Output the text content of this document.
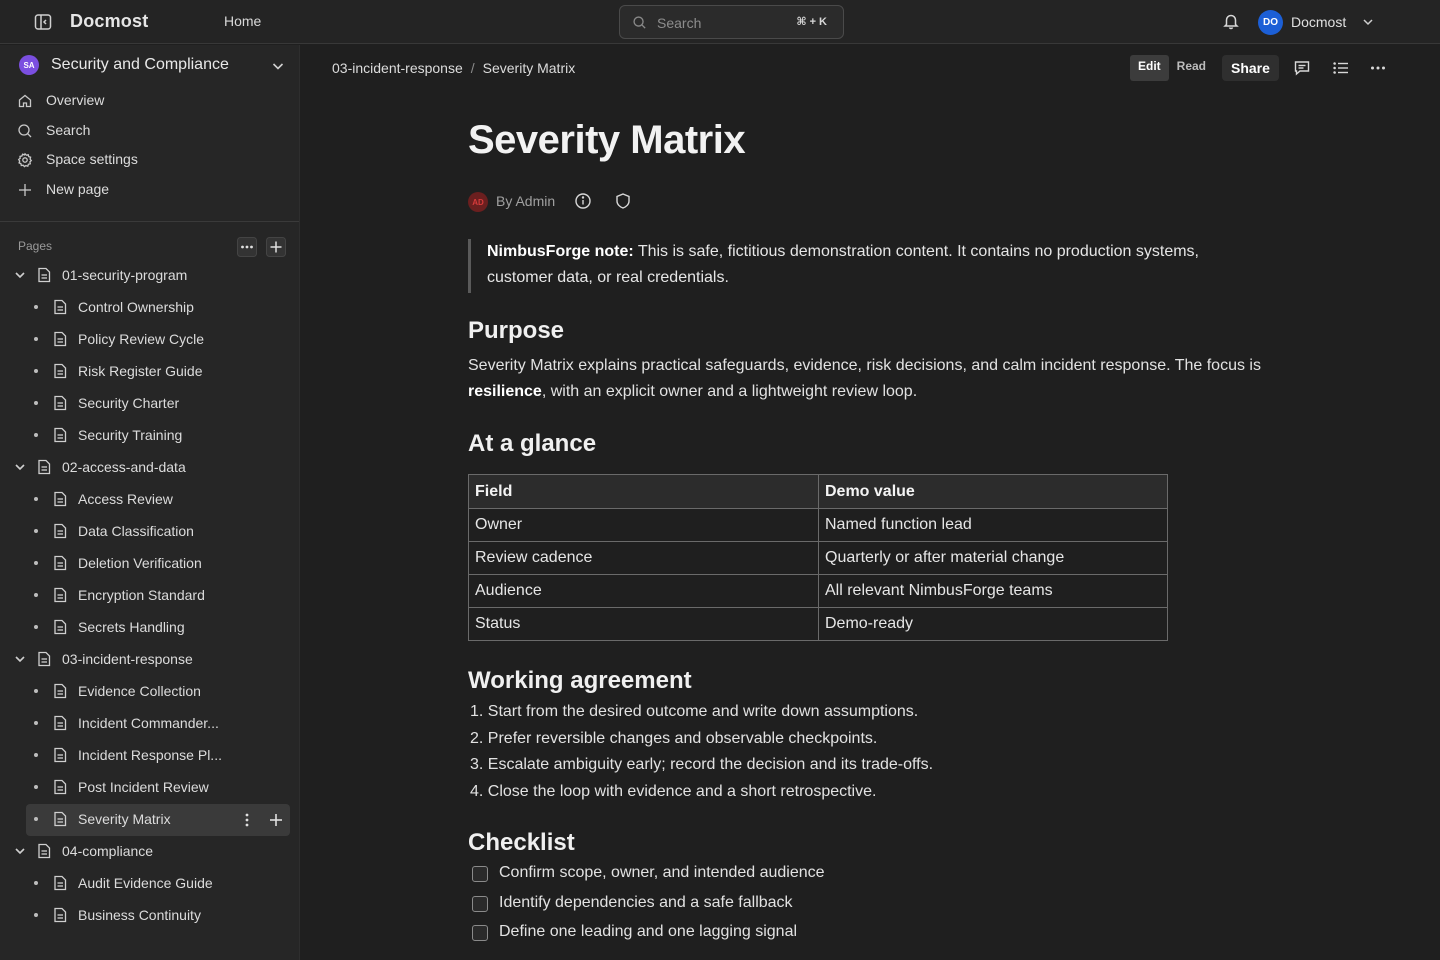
Docmost	Home	Search	⌘ + K	DO Docmost
SA Security and Compliance
Overview
Search
Space settings
New page
Pages
01-security-program
Control Ownership
Policy Review Cycle
Risk Register Guide
Security Charter
Security Training
02-access-and-data
Access Review
Data Classification
Deletion Verification
Encryption Standard
Secrets Handling
03-incident-response
Evidence Collection
Incident Commander...
Incident Response Pl...
Post Incident Review
Severity Matrix
04-compliance
Audit Evidence Guide
Business Continuity
03-incident-response / Severity Matrix	Edit	Read	Share
Severity Matrix
AD By Admin
NimbusForge note: This is safe, fictitious demonstration content. It contains no production systems, customer data, or real credentials.
Purpose

Severity Matrix explains practical safeguards, evidence, risk decisions, and calm incident response. The focus is resilience, with an explicit owner and a lightweight review loop.

At a glance
Field	Demo value
Owner	Named function lead
Review cadence	Quarterly or after material change
Audience	All relevant NimbusForge teams
Status	Demo-ready
Working agreement
1. Start from the desired outcome and write down assumptions.
2. Prefer reversible changes and observable checkpoints.
3. Escalate ambiguity early; record the decision and its trade-offs.
4. Close the loop with evidence and a short retrospective.
Checklist
Confirm scope, owner, and intended audience
Identify dependencies and a safe fallback
Define one leading and one lagging signal
